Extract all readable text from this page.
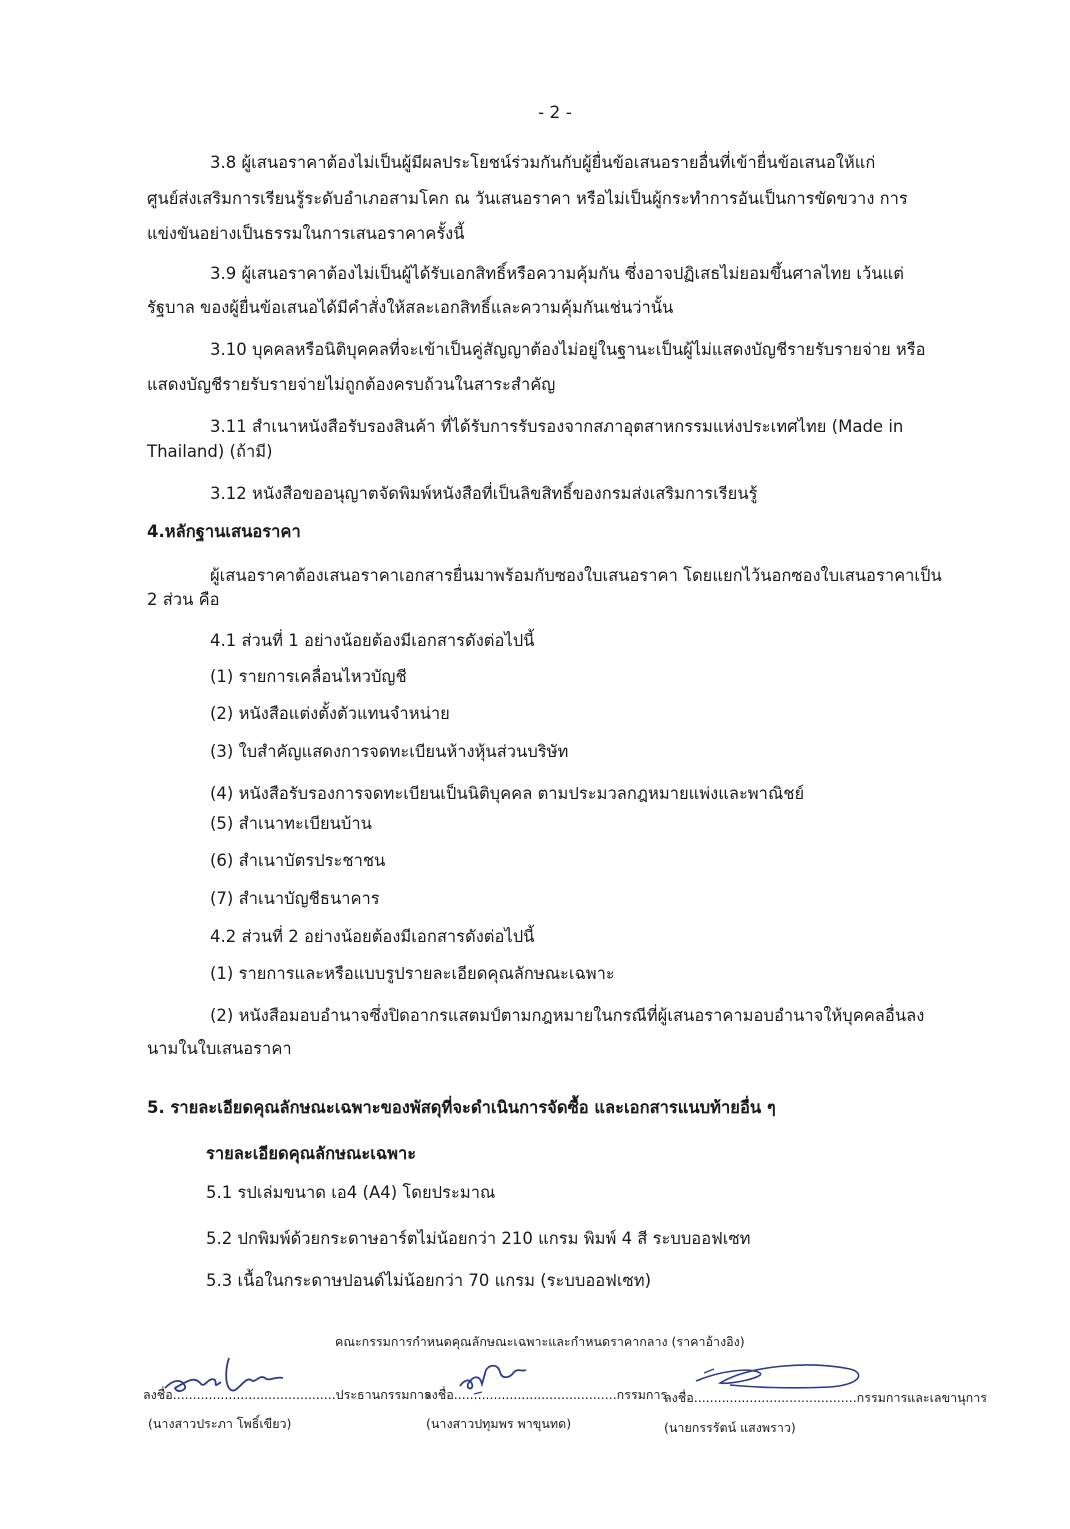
- 2 -
3.8 ผู้เสนอราคาต้องไม่เป็นผู้มีผลประโยชน์ร่วมกันกับผู้ยื่นข้อเสนอรายอื่นที่เข้ายื่นข้อเสนอให้แก่
ศูนย์ส่งเสริมการเรียนรู้ระดับอำเภอสามโคก ณ วันเสนอราคา หรือไม่เป็นผู้กระทำการอันเป็นการขัดขวาง การ
แข่งขันอย่างเป็นธรรมในการเสนอราคาครั้งนี้
3.9 ผู้เสนอราคาต้องไม่เป็นผู้ได้รับเอกสิทธิ์หรือความคุ้มกัน ซึ่งอาจปฏิเสธไม่ยอมขึ้นศาลไทย เว้นแต่
รัฐบาล ของผู้ยื่นข้อเสนอได้มีคำสั่งให้สละเอกสิทธิ์และความคุ้มกันเช่นว่านั้น
3.10 บุคคลหรือนิติบุคคลที่จะเข้าเป็นคู่สัญญาต้องไม่อยู่ในฐานะเป็นผู้ไม่แสดงบัญชีรายรับรายจ่าย หรือ
แสดงบัญชีรายรับรายจ่ายไม่ถูกต้องครบถ้วนในสาระสำคัญ
3.11 สำเนาหนังสือรับรองสินค้า ที่ได้รับการรับรองจากสภาอุตสาหกรรมแห่งประเทศไทย (Made in
Thailand) (ถ้ามี)
3.12 หนังสือขออนุญาตจัดพิมพ์หนังสือที่เป็นลิขสิทธิ์ของกรมส่งเสริมการเรียนรู้
4.หลักฐานเสนอราคา
ผู้เสนอราคาต้องเสนอราคาเอกสารยื่นมาพร้อมกับซองใบเสนอราคา โดยแยกไว้นอกซองใบเสนอราคาเป็น
2 ส่วน คือ
4.1 ส่วนที่ 1 อย่างน้อยต้องมีเอกสารดังต่อไปนี้
(1) รายการเคลื่อนไหวบัญชี
(2) หนังสือแต่งตั้งตัวแทนจำหน่าย
(3) ใบสำคัญแสดงการจดทะเบียนห้างหุ้นส่วนบริษัท
(4) หนังสือรับรองการจดทะเบียนเป็นนิติบุคคล ตามประมวลกฎหมายแพ่งและพาณิชย์
(5) สำเนาทะเบียนบ้าน
(6) สำเนาบัตรประชาชน
(7) สำเนาบัญชีธนาคาร
4.2 ส่วนที่ 2 อย่างน้อยต้องมีเอกสารดังต่อไปนี้
(1) รายการและหรือแบบรูปรายละเอียดคุณลักษณะเฉพาะ
(2) หนังสือมอบอำนาจซึ่งปิดอากรแสตมป์ตามกฎหมายในกรณีที่ผู้เสนอราคามอบอำนาจให้บุคคลอื่นลง
นามในใบเสนอราคา
5. รายละเอียดคุณลักษณะเฉพาะของพัสดุที่จะดำเนินการจัดซื้อ และเอกสารแนบท้ายอื่น ๆ
รายละเอียดคุณลักษณะเฉพาะ
5.1 รปเล่มขนาด เอ4 (A4) โดยประมาณ
5.2 ปกพิมพ์ด้วยกระดาษอาร์ตไม่น้อยกว่า 210 แกรม พิมพ์ 4 สี ระบบออฟเซท
5.3 เนื้อในกระดาษปอนด์ไม่น้อยกว่า 70 แกรม (ระบบออฟเซท)
คณะกรรมการกำหนดคุณลักษณะเฉพาะและกำหนดราคากลาง (ราคาอ้างอิง)
ลงชื่อ.........................................ประธานกรรมการ
(นางสาวประภา โพธิ์เขียว)
ลงชื่อ.........................................กรรมการ
(นางสาวปทุมพร พาขุนทด)
ลงชื่อ.........................................กรรมการและเลขานุการ
(นายกรรรัตน์ แสงพราว)
